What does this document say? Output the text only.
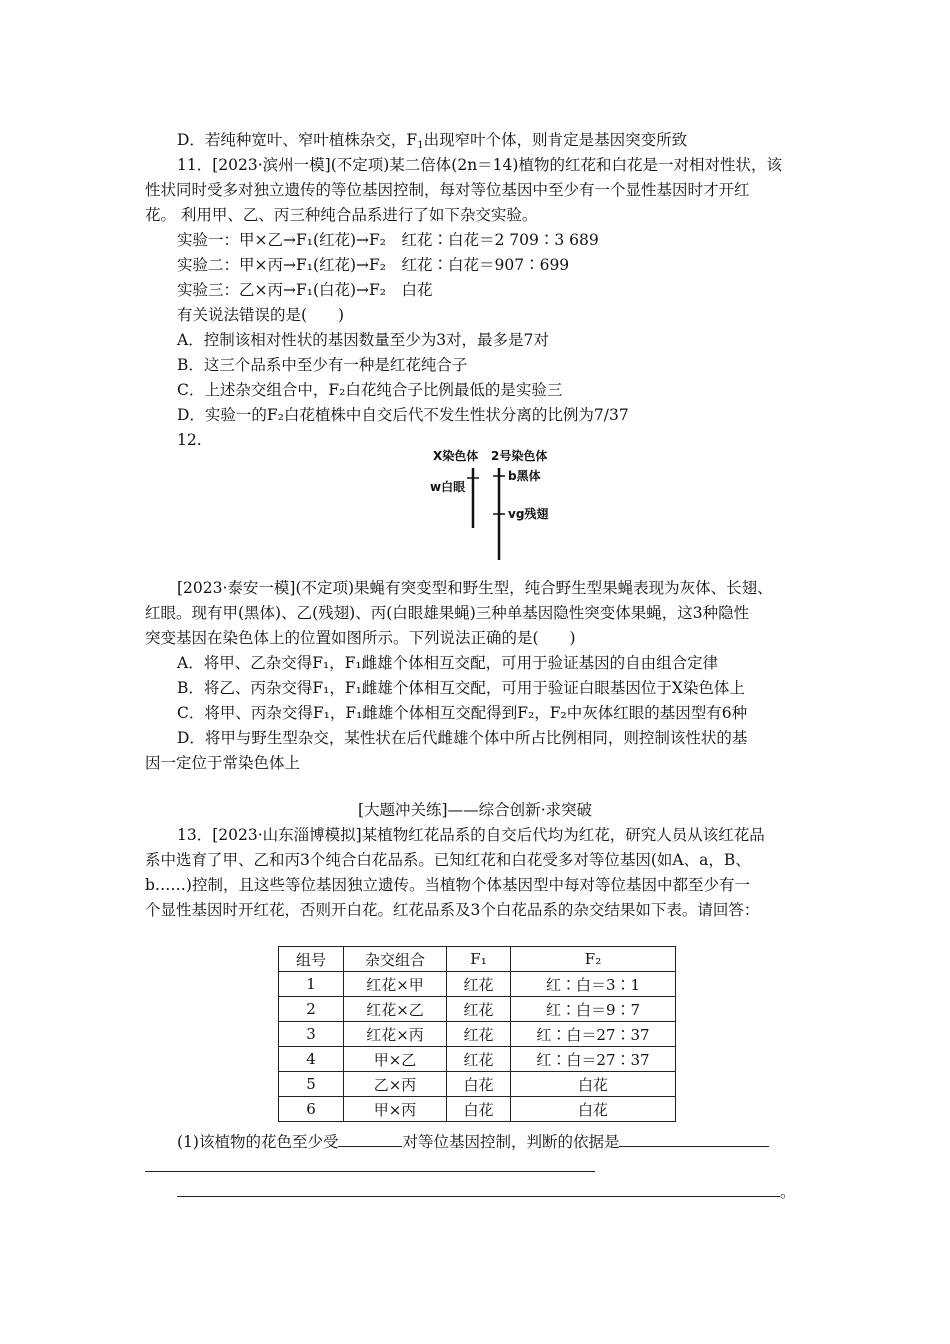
D．若纯种宽叶、窄叶植株杂交，$F_1$出现窄叶个体，则肯定是基因突变所致
11．[2023·滨州一模](不定项)某二倍体(2n＝14)植物的红花和白花是一对相对性状，该
性状同时受多对独立遗传的等位基因控制，每对等位基因中至少有一个显性基因时才开红
花。 利用甲、乙、丙三种纯合品系进行了如下杂交实验。
实验一：甲×乙→F₁(红花)→F₂　红花∶白花＝2 709∶3 689
实验二：甲×丙→F₁(红花)→F₂　红花∶白花＝907∶699
实验三：乙×丙→F₁(白花)→F₂　白花
有关说法错误的是(　　)
A．控制该相对性状的基因数量至少为3对，最多是7对
B．这三个品系中至少有一种是红花纯合子
C．上述杂交组合中，F₂白花纯合子比例最低的是实验三
D．实验一的F₂白花植株中自交后代不发生性状分离的比例为7/37
12.
X染色体 2号染色体
w白眼
b黑体
vg残翅
[2023·泰安一模](不定项)果蝇有突变型和野生型，纯合野生型果蝇表现为灰体、长翅、
红眼。现有甲(黑体)、乙(残翅)、丙(白眼雄果蝇)三种单基因隐性突变体果蝇，这3种隐性
突变基因在染色体上的位置如图所示。下列说法正确的是(　　)
A．将甲、乙杂交得F₁，F₁雌雄个体相互交配，可用于验证基因的自由组合定律
B．将乙、丙杂交得F₁，F₁雌雄个体相互交配，可用于验证白眼基因位于X染色体上
C．将甲、丙杂交得F₁，F₁雌雄个体相互交配得到F₂，F₂中灰体红眼的基因型有6种
D．将甲与野生型杂交，某性状在后代雌雄个体中所占比例相同，则控制该性状的基
因一定位于常染色体上
[大题冲关练]——综合创新·求突破
13．[2023·山东淄博模拟]某植物红花品系的自交后代均为红花，研究人员从该红花品
系中选育了甲、乙和丙3个纯合白花品系。已知红花和白花受多对等位基因(如A、a，B、
b……)控制，且这些等位基因独立遗传。当植物个体基因型中每对等位基因中都至少有一
个显性基因时开红花，否则开白花。红花品系及3个白花品系的杂交结果如下表。请回答：
组号	杂交组合	F₁	F₂
1	红花×甲	红花	红∶白＝3∶1
2	红花×乙	红花	红∶白＝9∶7
3	红花×丙	红花	红∶白＝27∶37
4	甲×乙	红花	红∶白＝27∶37
5	乙×丙	白花	白花
6	甲×丙	白花	白花
(1)该植物的花色至少受	对等位基因控制，判断的依据是
。
